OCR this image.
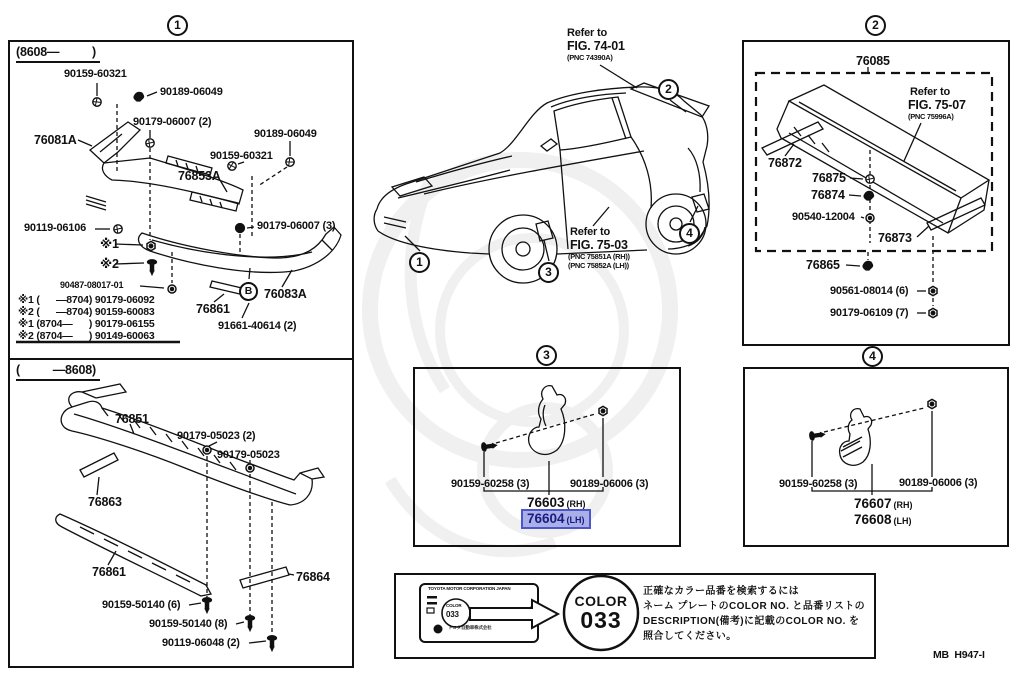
1	2
2
1
3
4
3	4
(8608—          )
90159-60321
90189-06049
90179-06007 (2)
76081A	90189-06049
90159-60321
76853A
90119-06106
※1
※2
90487-08017-01
90179-06007 (3)
76861
B 76083A
91661-40614 (2)
※1 (      —8704) 90179-06092
※2 (      —8704) 90159-60083
※1 (8704—      ) 90179-06155
※2 (8704—      ) 90149-60063
(          —8608)
76851
90179-05023 (2)
90179-05023
76863
76861	76864
90159-50140 (6)
90159-50140 (8)
90119-06048 (2)
Refer to
FIG. 74-01
(PNC 74390A)
Refer to
FIG. 75-03
(PNC 75851A (RH))
(PNC 75852A (LH))
76085
Refer to
FIG. 75-07
(PNC 75996A)
76872
76875
76874
90540-12004
76873
76865
90561-08014 (6)
90179-06109 (7)
90159-60258 (3)	90189-06006 (3)
76603 (RH)
76604 (LH)
90159-60258 (3)	90189-06006 (3)
76607 (RH)
76608 (LH)
TOYOTA MOTOR CORPORATION JAPAN
COLOR
033
トヨタ自動車株式会社
COLOR
033
正確なカラー品番を検索するには
ネーム プレートのCOLOR NO. と品番リストの
DESCRIPTION(備考)に記載のCOLOR NO. を
照合してください。
MB  H947-I
